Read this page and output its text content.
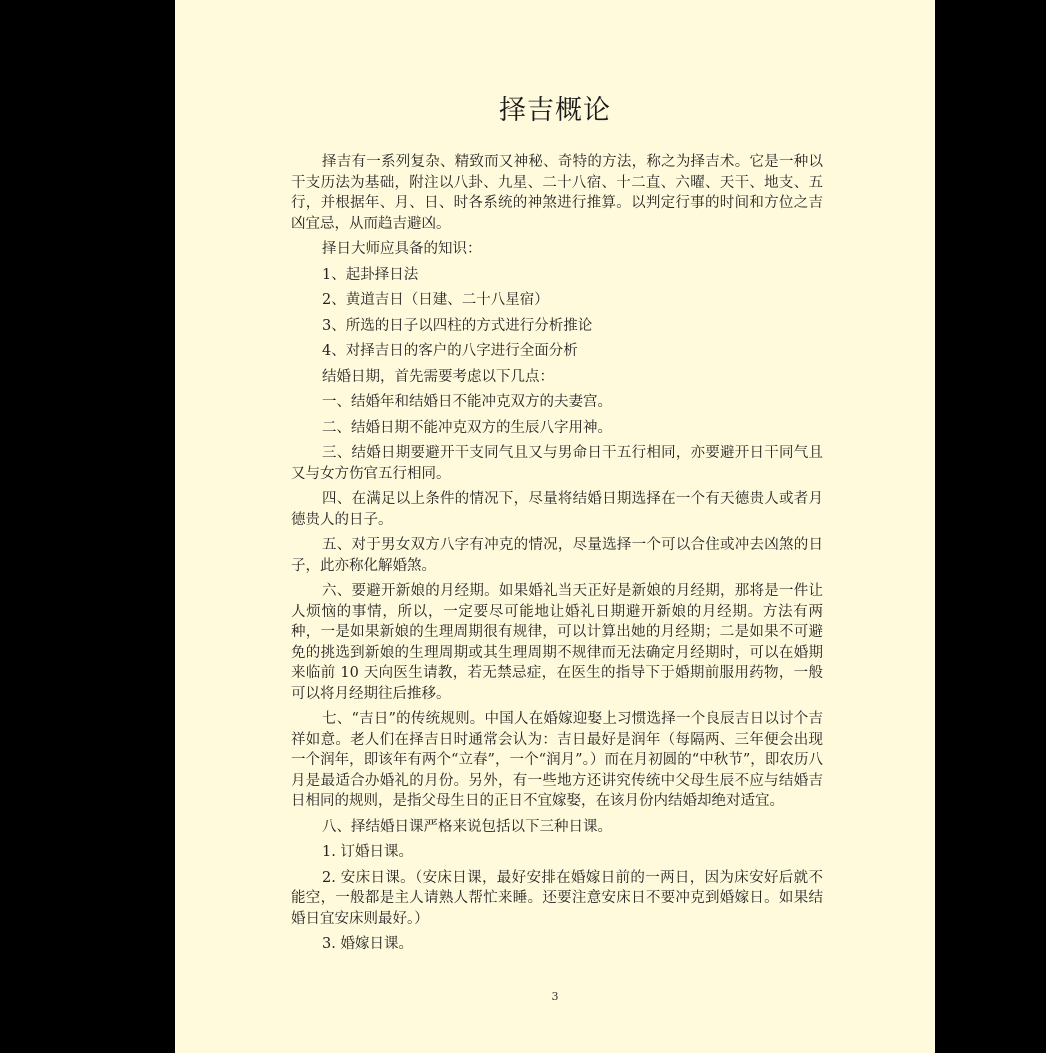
择吉概论

择吉有一系列复杂、精致而又神秘、奇特的方法，称之为择吉术。它是一种以干支历法为基础，附注以八卦、九星、二十八宿、十二直、六曜、天干、地支、五行，并根据年、月、日、时各系统的神煞进行推算。以判定行事的时间和方位之吉凶宜忌，从而趋吉避凶。

择日大师应具备的知识：

1、起卦择日法

2、黄道吉日（日建、二十八星宿）

3、所选的日子以四柱的方式进行分析推论

4、对择吉日的客户的八字进行全面分析

结婚日期，首先需要考虑以下几点：

一、结婚年和结婚日不能冲克双方的夫妻宫。

二、结婚日期不能冲克双方的生辰八字用神。

三、结婚日期要避开干支同气且又与男命日干五行相同，亦要避开日干同气且又与女方伤官五行相同。

四、在满足以上条件的情况下，尽量将结婚日期选择在一个有天德贵人或者月德贵人的日子。

五、对于男女双方八字有冲克的情况，尽量选择一个可以合住或冲去凶煞的日子，此亦称化解婚煞。

六、要避开新娘的月经期。如果婚礼当天正好是新娘的月经期，那将是一件让人烦恼的事情，所以，一定要尽可能地让婚礼日期避开新娘的月经期。方法有两种，一是如果新娘的生理周期很有规律，可以计算出她的月经期；二是如果不可避免的挑选到新娘的生理周期或其生理周期不规律而无法确定月经期时，可以在婚期来临前 10 天向医生请教，若无禁忌症，在医生的指导下于婚期前服用药物，一般可以将月经期往后推移。

七、“吉日”的传统规则。中国人在婚嫁迎娶上习惯选择一个良辰吉日以讨个吉祥如意。老人们在择吉日时通常会认为：吉日最好是润年（每隔两、三年便会出现一个润年，即该年有两个“立春”，一个“润月”。）而在月初圆的“中秋节”，即农历八月是最适合办婚礼的月份。另外，有一些地方还讲究传统中父母生辰不应与结婚吉日相同的规则，是指父母生日的正日不宜嫁娶，在该月份内结婚却绝对适宜。

八、择结婚日课严格来说包括以下三种日课。

1. 订婚日课。

2. 安床日课。（安床日课，最好安排在婚嫁日前的一两日，因为床安好后就不能空，一般都是主人请熟人帮忙来睡。还要注意安床日不要冲克到婚嫁日。如果结婚日宜安床则最好。）

3. 婚嫁日课。

3
